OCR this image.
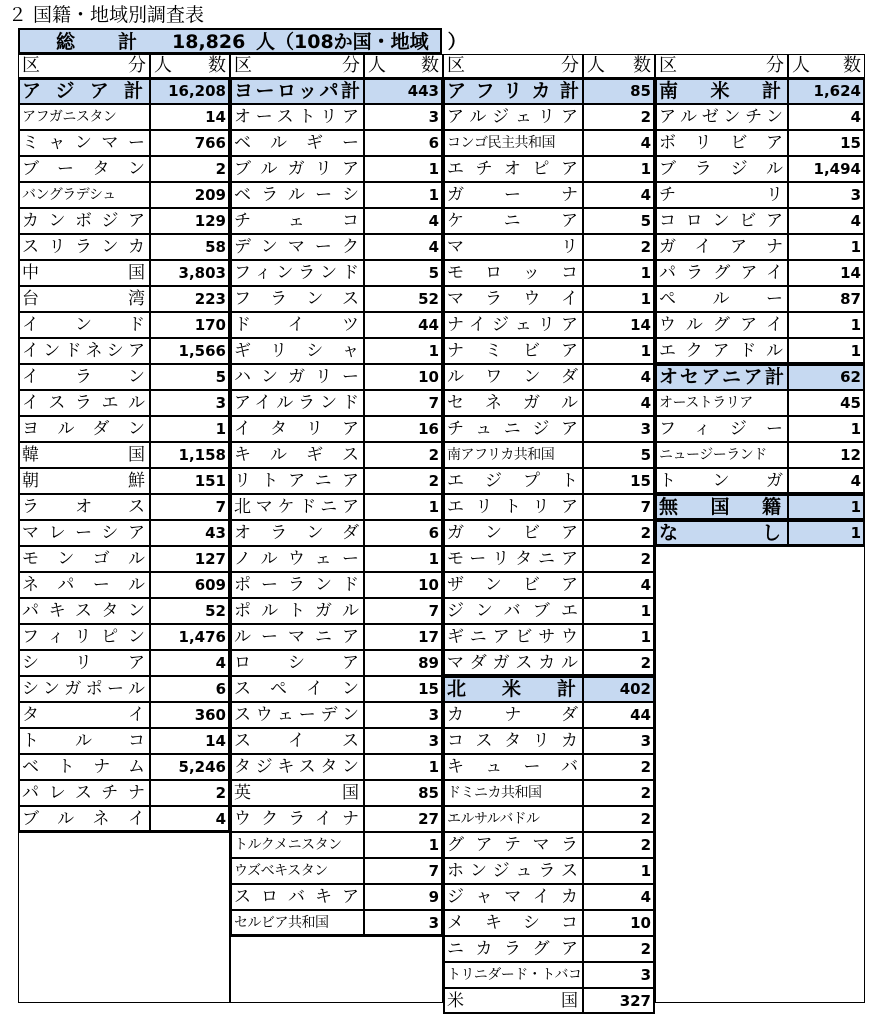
２ 国籍・地域別調査表
総　計 18,826 人（108か国・地域　）
区　　分 人　数
アジア計	16,208
アフガニスタン	14
ミャンマー	766
ブータン	2
バングラデシュ	209
カンボジア	129
スリランカ	58
中国	3,803
台湾	223
インド	170
インドネシア	1,566
イラン	5
イスラエル	3
ヨルダン	1
韓国	1,158
朝鮮	151
ラオス	7
マレーシア	43
モンゴル	127
ネパール	609
パキスタン	52
フィリピン	1,476
シリア	4
シンガポール	6
タイ	360
トルコ	14
ベトナム	5,246
パレスチナ	2
ブルネイ	4
区　　分 人　数
ヨーロッパ計	443
オーストリア	3
ベルギー	6
ブルガリア	1
ベラルーシ	1
チェコ	4
デンマーク	4
フィンランド	5
フランス	52
ドイツ	44
ギリシャ	1
ハンガリー	10
アイルランド	7
イタリア	16
キルギス	2
リトアニア	2
北マケドニア	1
オランダ	6
ノルウェー	1
ポーランド	10
ポルトガル	7
ルーマニア	17
ロシア	89
スペイン	15
スウェーデン	3
スイス	3
タジキスタン	1
英国	85
ウクライナ	27
トルクメニスタン	1
ウズベキスタン	7
スロバキア	9
セルビア共和国	3
区　　分 人　数
アフリカ計	85
アルジェリア	2
コンゴ民主共和国	4
エチオピア	1
ガーナ	4
ケニア	5
マリ	2
モロッコ	1
マラウイ	1
ナイジェリア	14
ナミビア	1
ルワンダ	4
セネガル	4
チュニジア	3
南アフリカ共和国	5
エジプト	15
エリトリア	7
ガンビア	2
モーリタニア	2
ザンビア	4
ジンバブエ	1
ギニアビサウ	1
マダガスカル	2
北米計	402
カナダ	44
コスタリカ	3
キューバ	2
ドミニカ共和国	2
エルサルバドル	2
グアテマラ	2
ホンジュラス	1
ジャマイカ	4
メキシコ	10
ニカラグア	2
トリニダード・トバコ	3
米国	327
区　　分 人　数
南米計	1,624
アルゼンチン	4
ボリビア	15
ブラジル	1,494
チリ	3
コロンビア	4
ガイアナ	1
パラグアイ	14
ペルー	87
ウルグアイ	1
エクアドル	1
オセアニア計	62
オーストラリア	45
フィジー	1
ニュージーランド	12
トンガ	4
無国籍	1
なし	1
